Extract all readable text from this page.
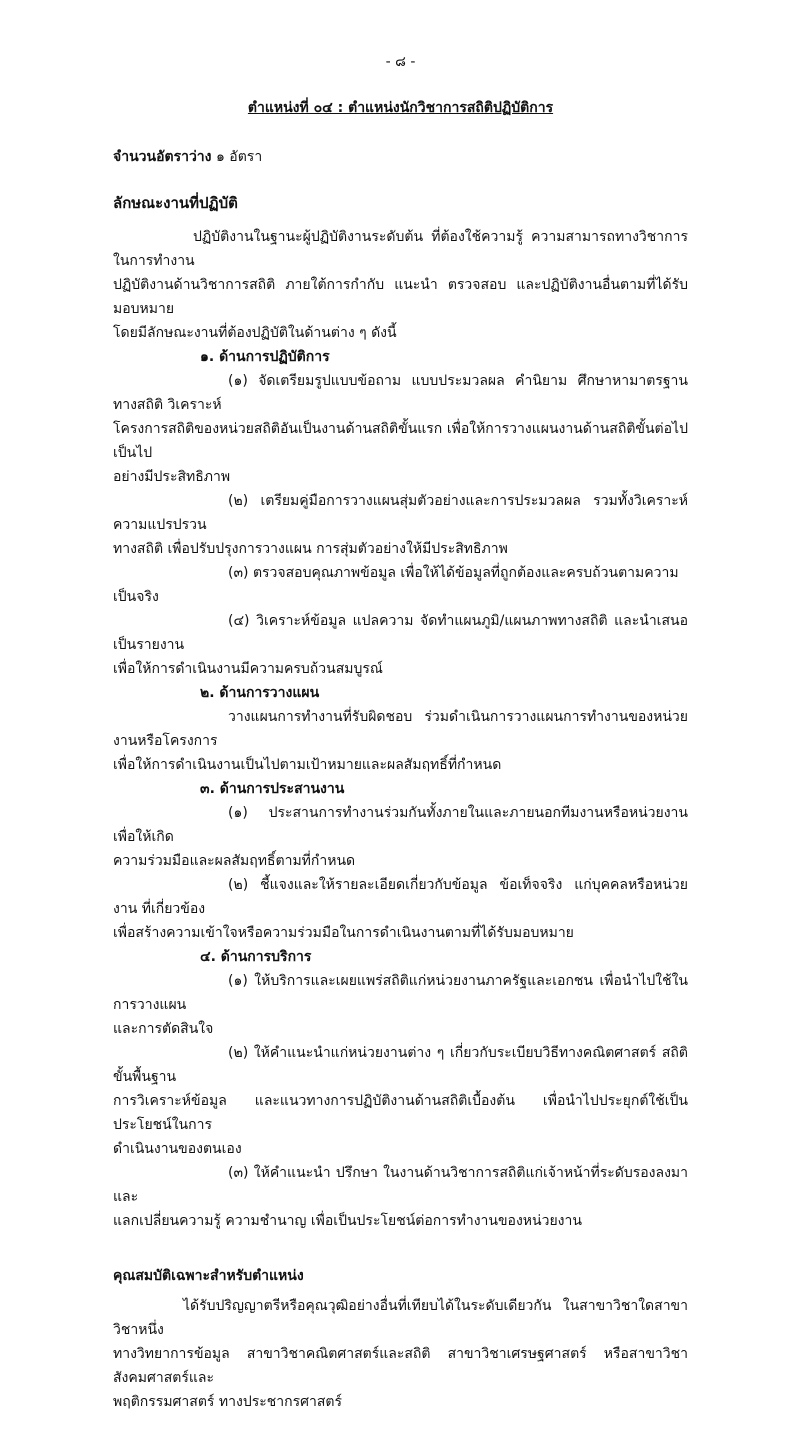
- ๘ -
ตำแหน่งที่ ๐๔ : ตำแหน่งนักวิชาการสถิติปฏิบัติการ
จำนวนอัตราว่าง ๑ อัตรา
ลักษณะงานที่ปฏิบัติ
ปฏิบัติงานในฐานะผู้ปฏิบัติงานระดับต้น ที่ต้องใช้ความรู้ ความสามารถทางวิชาการในการทำงาน
ปฏิบัติงานด้านวิชาการสถิติ ภายใต้การกำกับ แนะนำ ตรวจสอบ และปฏิบัติงานอื่นตามที่ได้รับมอบหมาย
โดยมีลักษณะงานที่ต้องปฏิบัติในด้านต่าง ๆ ดังนี้
๑. ด้านการปฏิบัติการ
(๑) จัดเตรียมรูปแบบข้อถาม แบบประมวลผล คำนิยาม ศึกษาหามาตรฐานทางสถิติ วิเคราะห์
โครงการสถิติของหน่วยสถิติอันเป็นงานด้านสถิติขั้นแรก เพื่อให้การวางแผนงานด้านสถิติขั้นต่อไปเป็นไป
อย่างมีประสิทธิภาพ
(๒) เตรียมคู่มือการวางแผนสุ่มตัวอย่างและการประมวลผล รวมทั้งวิเคราะห์ความแปรปรวน
ทางสถิติ เพื่อปรับปรุงการวางแผน การสุ่มตัวอย่างให้มีประสิทธิภาพ
(๓) ตรวจสอบคุณภาพข้อมูล เพื่อให้ได้ข้อมูลที่ถูกต้องและครบถ้วนตามความเป็นจริง
(๔) วิเคราะห์ข้อมูล แปลความ จัดทำแผนภูมิ/แผนภาพทางสถิติ และนำเสนอเป็นรายงาน
เพื่อให้การดำเนินงานมีความครบถ้วนสมบูรณ์
๒. ด้านการวางแผน
วางแผนการทำงานที่รับผิดชอบ ร่วมดำเนินการวางแผนการทำงานของหน่วยงานหรือโครงการ
เพื่อให้การดำเนินงานเป็นไปตามเป้าหมายและผลสัมฤทธิ์ที่กำหนด
๓. ด้านการประสานงาน
(๑) ประสานการทำงานร่วมกันทั้งภายในและภายนอกทีมงานหรือหน่วยงาน เพื่อให้เกิด
ความร่วมมือและผลสัมฤทธิ์ตามที่กำหนด
(๒) ชี้แจงและให้รายละเอียดเกี่ยวกับข้อมูล ข้อเท็จจริง แก่บุคคลหรือหน่วยงาน ที่เกี่ยวข้อง
เพื่อสร้างความเข้าใจหรือความร่วมมือในการดำเนินงานตามที่ได้รับมอบหมาย
๔. ด้านการบริการ
(๑) ให้บริการและเผยแพร่สถิติแก่หน่วยงานภาครัฐและเอกชน เพื่อนำไปใช้ในการวางแผน
และการตัดสินใจ
(๒) ให้คำแนะนำแก่หน่วยงานต่าง ๆ เกี่ยวกับระเบียบวิธีทางคณิตศาสตร์ สถิติขั้นพื้นฐาน
การวิเคราะห์ข้อมูล และแนวทางการปฏิบัติงานด้านสถิติเบื้องต้น เพื่อนำไปประยุกต์ใช้เป็นประโยชน์ในการ
ดำเนินงานของตนเอง
(๓) ให้คำแนะนำ ปรึกษา ในงานด้านวิชาการสถิติแก่เจ้าหน้าที่ระดับรองลงมาและ
แลกเปลี่ยนความรู้ ความชำนาญ เพื่อเป็นประโยชน์ต่อการทำงานของหน่วยงาน
คุณสมบัติเฉพาะสำหรับตำแหน่ง
ได้รับปริญญาตรีหรือคุณวุฒิอย่างอื่นที่เทียบได้ในระดับเดียวกัน ในสาขาวิชาใดสาขาวิชาหนึ่ง
ทางวิทยาการข้อมูล สาขาวิชาคณิตศาสตร์และสถิติ สาขาวิชาเศรษฐศาสตร์ หรือสาขาวิชาสังคมศาสตร์และ
พฤติกรรมศาสตร์ ทางประชากรศาสตร์
